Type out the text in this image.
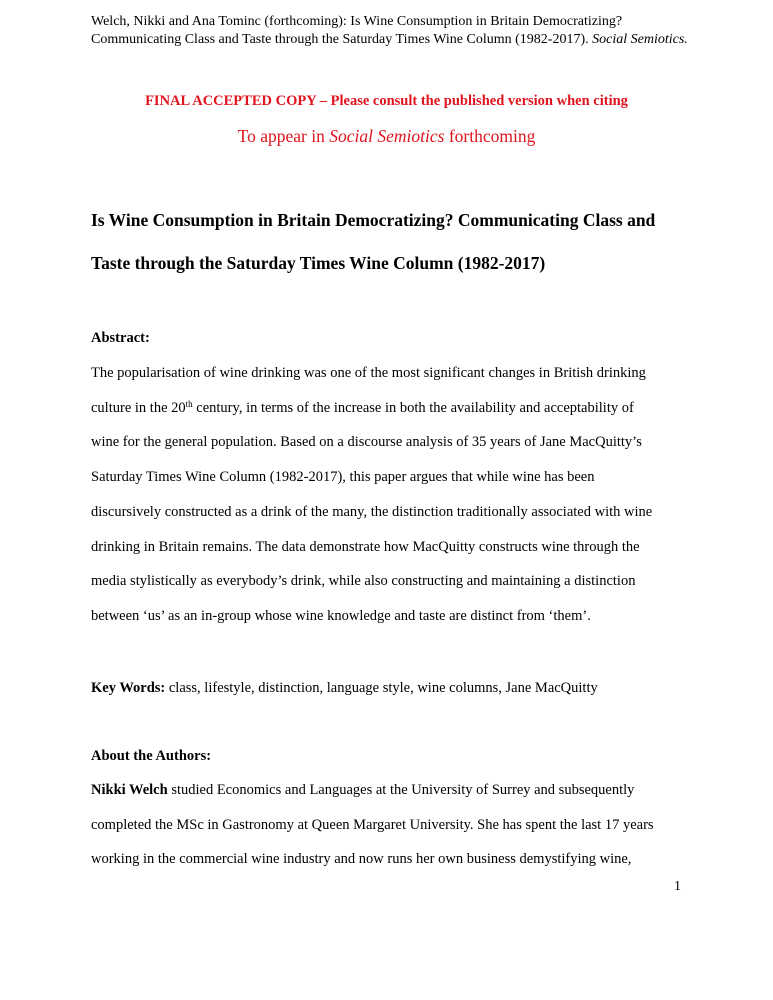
Welch, Nikki and Ana Tominc (forthcoming): Is Wine Consumption in Britain Democratizing? Communicating Class and Taste through the Saturday Times Wine Column (1982-2017). Social Semiotics.
FINAL ACCEPTED COPY – Please consult the published version when citing
To appear in Social Semiotics forthcoming
Is Wine Consumption in Britain Democratizing? Communicating Class and
Taste through the Saturday Times Wine Column (1982-2017)
Abstract:
The popularisation of wine drinking was one of the most significant changes in British drinking
culture in the 20th century, in terms of the increase in both the availability and acceptability of
wine for the general population. Based on a discourse analysis of 35 years of Jane MacQuitty’s
Saturday Times Wine Column (1982-2017), this paper argues that while wine has been
discursively constructed as a drink of the many, the distinction traditionally associated with wine
drinking in Britain remains. The data demonstrate how MacQuitty constructs wine through the
media stylistically as everybody’s drink, while also constructing and maintaining a distinction
between ‘us’ as an in-group whose wine knowledge and taste are distinct from ‘them’.
Key Words: class, lifestyle, distinction, language style, wine columns, Jane MacQuitty
About the Authors:
Nikki Welch studied Economics and Languages at the University of Surrey and subsequently
completed the MSc in Gastronomy at Queen Margaret University. She has spent the last 17 years
working in the commercial wine industry and now runs her own business demystifying wine,
1
